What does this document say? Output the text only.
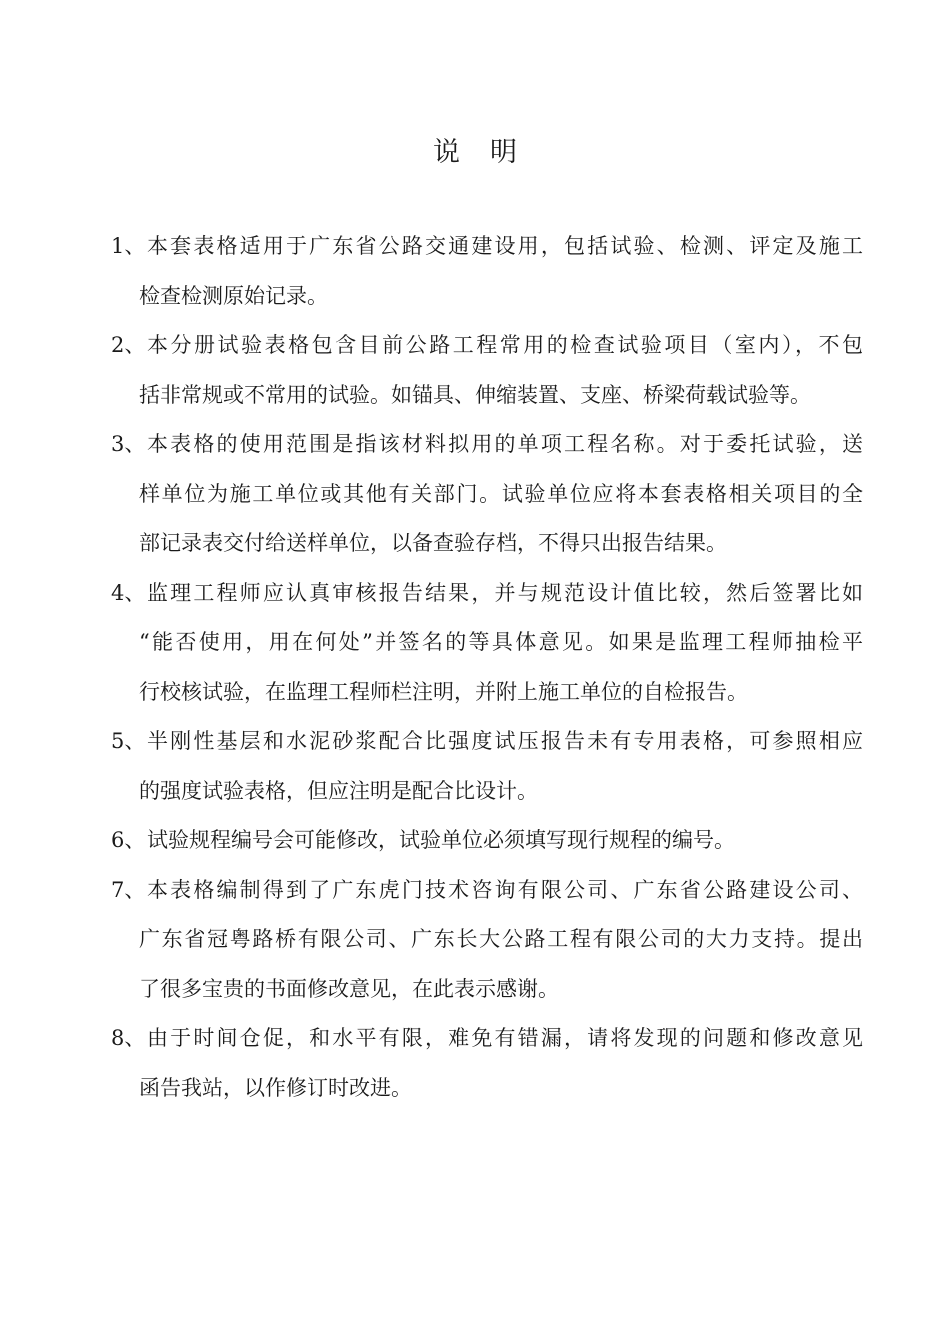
说 明
1、 本套表格适用于广东省公路交通建设用，包括试验、检测、评定及施工
检查检测原始记录。
2、 本分册试验表格包含目前公路工程常用的检查试验项目（室内），不包
括非常规或不常用的试验。如锚具、伸缩装置、支座、桥梁荷载试验等。
3、 本表格的使用范围是指该材料拟用的单项工程名称。对于委托试验，送
样单位为施工单位或其他有关部门。试验单位应将本套表格相关项目的全
部记录表交付给送样单位，以备查验存档，不得只出报告结果。
4、 监理工程师应认真审核报告结果，并与规范设计值比较，然后签署比如
“能否使用，用在何处”并签名的等具体意见。如果是监理工程师抽检平
行校核试验，在监理工程师栏注明，并附上施工单位的自检报告。
5、 半刚性基层和水泥砂浆配合比强度试压报告未有专用表格，可参照相应
的强度试验表格，但应注明是配合比设计。
6、 试验规程编号会可能修改，试验单位必须填写现行规程的编号。
7、 本表格编制得到了广东虎门技术咨询有限公司、广东省公路建设公司、
广东省冠粤路桥有限公司、广东长大公路工程有限公司的大力支持。提出
了很多宝贵的书面修改意见，在此表示感谢。
8、 由于时间仓促，和水平有限，难免有错漏，请将发现的问题和修改意见
函告我站，以作修订时改进。
